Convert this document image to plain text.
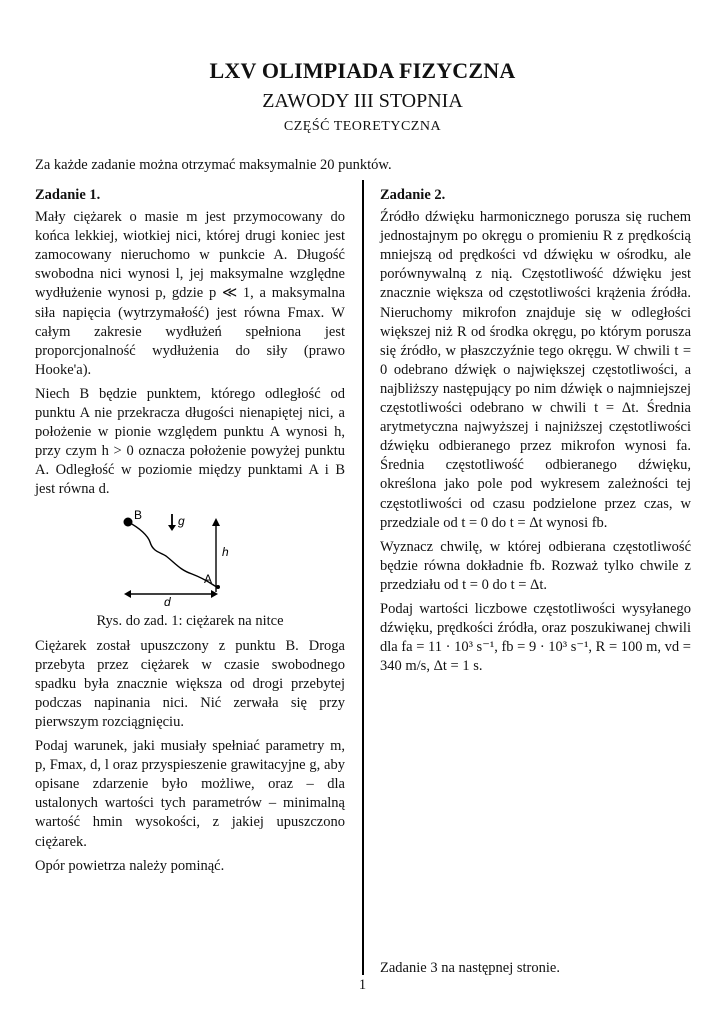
LXV OLIMPIADA FIZYCZNA
ZAWODY III STOPNIA
CZĘŚĆ TEORETYCZNA
Za każde zadanie można otrzymać maksymalnie 20 punktów.
Zadanie 1.

Mały ciężarek o masie m jest przymocowany do końca lekkiej, wiotkiej nici, której drugi koniec jest zamocowany nieruchomo w punkcie A. Długość swobodna nici wynosi l, jej maksymalne względne wydłużenie wynosi p, gdzie p ≪ 1, a maksymalna siła napięcia (wytrzymałość) jest równa Fmax. W całym zakresie wydłużeń spełniona jest proporcjonalność wydłużenia do siły (prawo Hooke'a).

Niech B będzie punktem, którego odległość od punktu A nie przekracza długości nienapiętej nici, a położenie w pionie względem punktu A wynosi h, przy czym h > 0 oznacza położenie powyżej punktu A. Odległość w poziomie między punktami A i B jest równa d.

B
A
g
h
d
Rys. do zad. 1: ciężarek na nitce

Ciężarek został upuszczony z punktu B. Droga przebyta przez ciężarek w czasie swobodnego spadku była znacznie większa od drogi przebytej podczas napinania nici. Nić zerwała się przy pierwszym rozciągnięciu.

Podaj warunek, jaki musiały spełniać parametry m, p, Fmax, d, l oraz przyspieszenie grawitacyjne g, aby opisane zdarzenie było możliwe, oraz – dla ustalonych wartości tych parametrów – minimalną wartość hmin wysokości, z jakiej upuszczono ciężarek.

Opór powietrza należy pominąć.

Zadanie 2.

Źródło dźwięku harmonicznego porusza się ruchem jednostajnym po okręgu o promieniu R z prędkością mniejszą od prędkości vd dźwięku w ośrodku, ale porównywalną z nią. Częstotliwość dźwięku jest znacznie większa od częstotliwości krążenia źródła. Nieruchomy mikrofon znajduje się w odległości większej niż R od środka okręgu, po którym porusza się źródło, w płaszczyźnie tego okręgu. W chwili t = 0 odebrano dźwięk o największej częstotliwości, a najbliższy następujący po nim dźwięk o najmniejszej częstotliwości odebrano w chwili t = Δt. Średnia arytmetyczna najwyższej i najniższej częstotliwości dźwięku odbieranego przez mikrofon wynosi fa. Średnia częstotliwość odbieranego dźwięku, określona jako pole pod wykresem zależności tej częstotliwości od czasu podzielone przez czas, w przedziale od t = 0 do t = Δt wynosi fb.

Wyznacz chwilę, w której odbierana częstotliwość będzie równa dokładnie fb. Rozważ tylko chwile z przedziału od t = 0 do t = Δt.

Podaj wartości liczbowe częstotliwości wysyłanego dźwięku, prędkości źródła, oraz poszukiwanej chwili dla fa = 11 · 10³ s⁻¹, fb = 9 · 10³ s⁻¹, R = 100 m, vd = 340 m/s, Δt = 1 s.

Zadanie 3 na następnej stronie.
1
